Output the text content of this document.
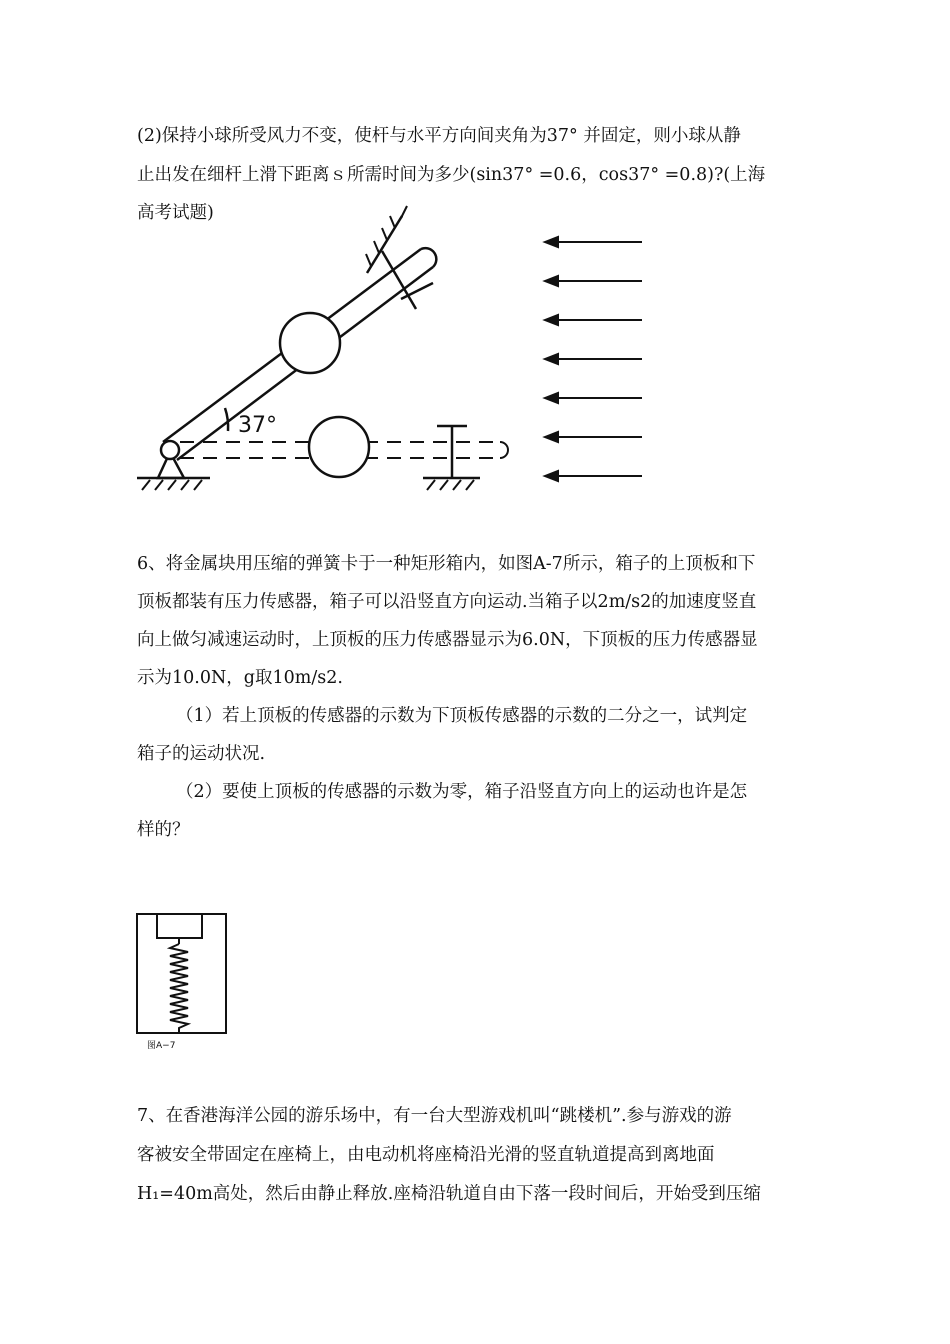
(2)保持小球所受风力不变，使杆与水平方向间夹角为37° 并固定，则小球从静
止出发在细杆上滑下距离ｓ所需时间为多少(sin37° =0.6，cos37° =0.8)?(上海
高考试题)
37°
图A−7
6、将金属块用压缩的弹簧卡于一种矩形箱内，如图A-7所示，箱子的上顶板和下
顶板都装有压力传感器，箱子可以沿竖直方向运动.当箱子以2m/s2的加速度竖直
向上做匀减速运动时，上顶板的压力传感器显示为6.0N，下顶板的压力传感器显
示为10.0N，g取10m/s2.
（1）若上顶板的传感器的示数为下顶板传感器的示数的二分之一，试判定
箱子的运动状况.
（2）要使上顶板的传感器的示数为零，箱子沿竖直方向上的运动也许是怎
样的？
7、在香港海洋公园的游乐场中，有一台大型游戏机叫“跳楼机”.参与游戏的游
客被安全带固定在座椅上，由电动机将座椅沿光滑的竖直轨道提高到离地面
H₁=40m高处，然后由静止释放.座椅沿轨道自由下落一段时间后，开始受到压缩
